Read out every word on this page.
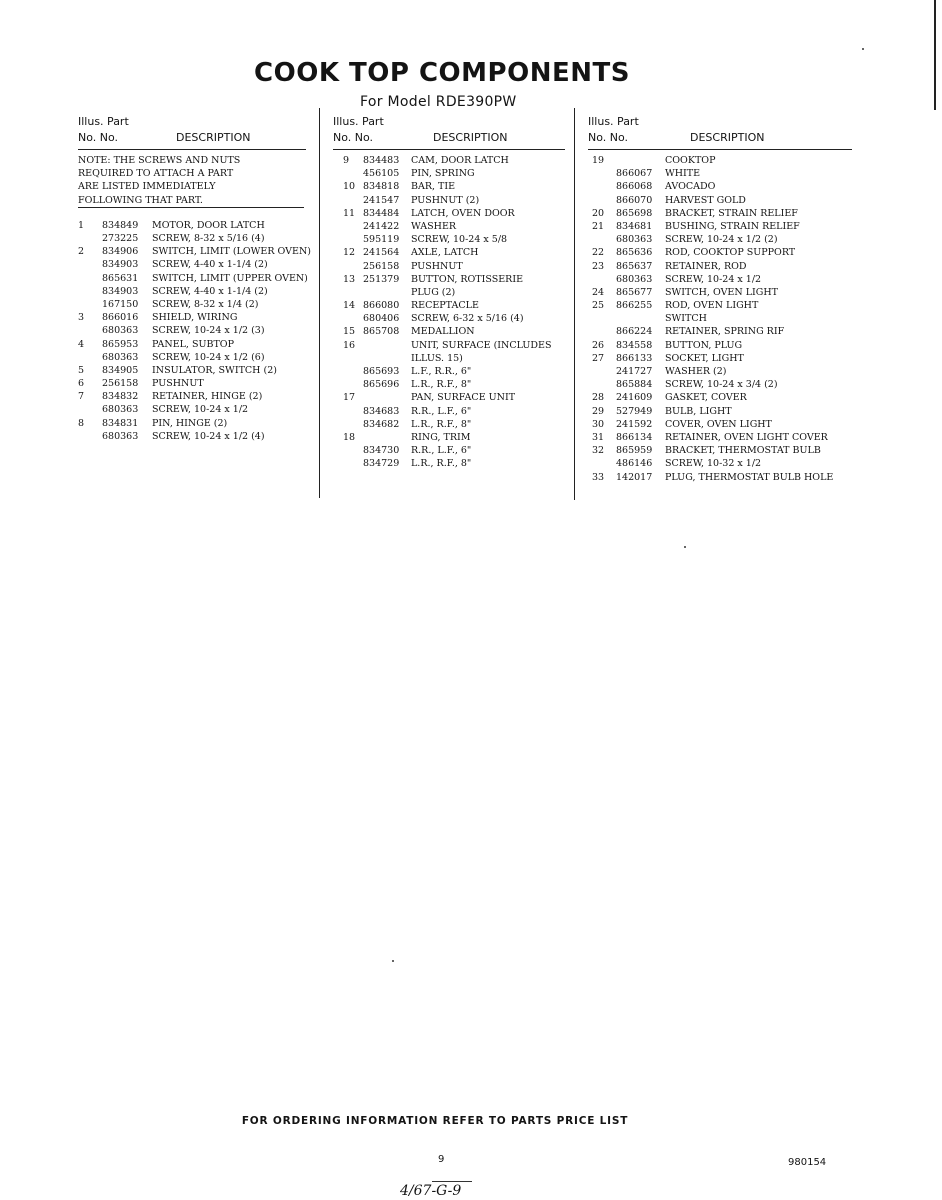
COOK TOP COMPONENTS
For Model RDE390PW
Illus. Part
No. No.	DESCRIPTION
NOTE: THE SCREWS AND NUTS
REQUIRED TO ATTACH A PART
ARE LISTED IMMEDIATELY
FOLLOWING THAT PART.
1 834849 MOTOR, DOOR LATCH
273225 SCREW, 8-32 x 5/16 (4)
2 834906 SWITCH, LIMIT (LOWER OVEN)
834903 SCREW, 4-40 x 1-1/4 (2)
865631 SWITCH, LIMIT (UPPER OVEN)
834903 SCREW, 4-40 x 1-1/4 (2)
167150 SCREW, 8-32 x 1/4 (2)
3 866016 SHIELD, WIRING
680363 SCREW, 10-24 x 1/2 (3)
4 865953 PANEL, SUBTOP
680363 SCREW, 10-24 x 1/2 (6)
5 834905 INSULATOR, SWITCH (2)
6 256158 PUSHNUT
7 834832 RETAINER, HINGE (2)
680363 SCREW, 10-24 x 1/2
8 834831 PIN, HINGE (2)
680363 SCREW, 10-24 x 1/2 (4)
Illus. Part
No. No.	DESCRIPTION
9 834483 CAM, DOOR LATCH
456105 PIN, SPRING
10 834818 BAR, TIE
241547 PUSHNUT (2)
11 834484 LATCH, OVEN DOOR
241422 WASHER
595119 SCREW, 10-24 x 5/8
12 241564 AXLE, LATCH
256158 PUSHNUT
13 251379 BUTTON, ROTISSERIE
PLUG (2)
14 866080 RECEPTACLE
680406 SCREW, 6-32 x 5/16 (4)
15 865708 MEDALLION
16	UNIT, SURFACE (INCLUDES
ILLUS. 15)
865693 L.F., R.R., 6"
865696 L.R., R.F., 8"
17	PAN, SURFACE UNIT
834683 R.R., L.F., 6"
834682 L.R., R.F., 8"
18	RING, TRIM
834730 R.R., L.F., 6"
834729 L.R., R.F., 8"
Illus. Part
No. No.	DESCRIPTION
19	COOKTOP
866067 WHITE
866068 AVOCADO
866070 HARVEST GOLD
20 865698 BRACKET, STRAIN RELIEF
21 834681 BUSHING, STRAIN RELIEF
680363 SCREW, 10-24 x 1/2 (2)
22 865636 ROD, COOKTOP SUPPORT
23 865637 RETAINER, ROD
680363 SCREW, 10-24 x 1/2
24 865677 SWITCH, OVEN LIGHT
25 866255 ROD, OVEN LIGHT
SWITCH
866224 RETAINER, SPRING RIF
26 834558 BUTTON, PLUG
27 866133 SOCKET, LIGHT
241727 WASHER (2)
865884 SCREW, 10-24 x 3/4 (2)
28 241609 GASKET, COVER
29 527949 BULB, LIGHT
30 241592 COVER, OVEN LIGHT
31 866134 RETAINER, OVEN LIGHT COVER
32 865959 BRACKET, THERMOSTAT BULB
486146 SCREW, 10-32 x 1/2
33 142017 PLUG, THERMOSTAT BULB HOLE
FOR ORDERING INFORMATION REFER TO PARTS PRICE LIST
9	980154
4/67-G-9
